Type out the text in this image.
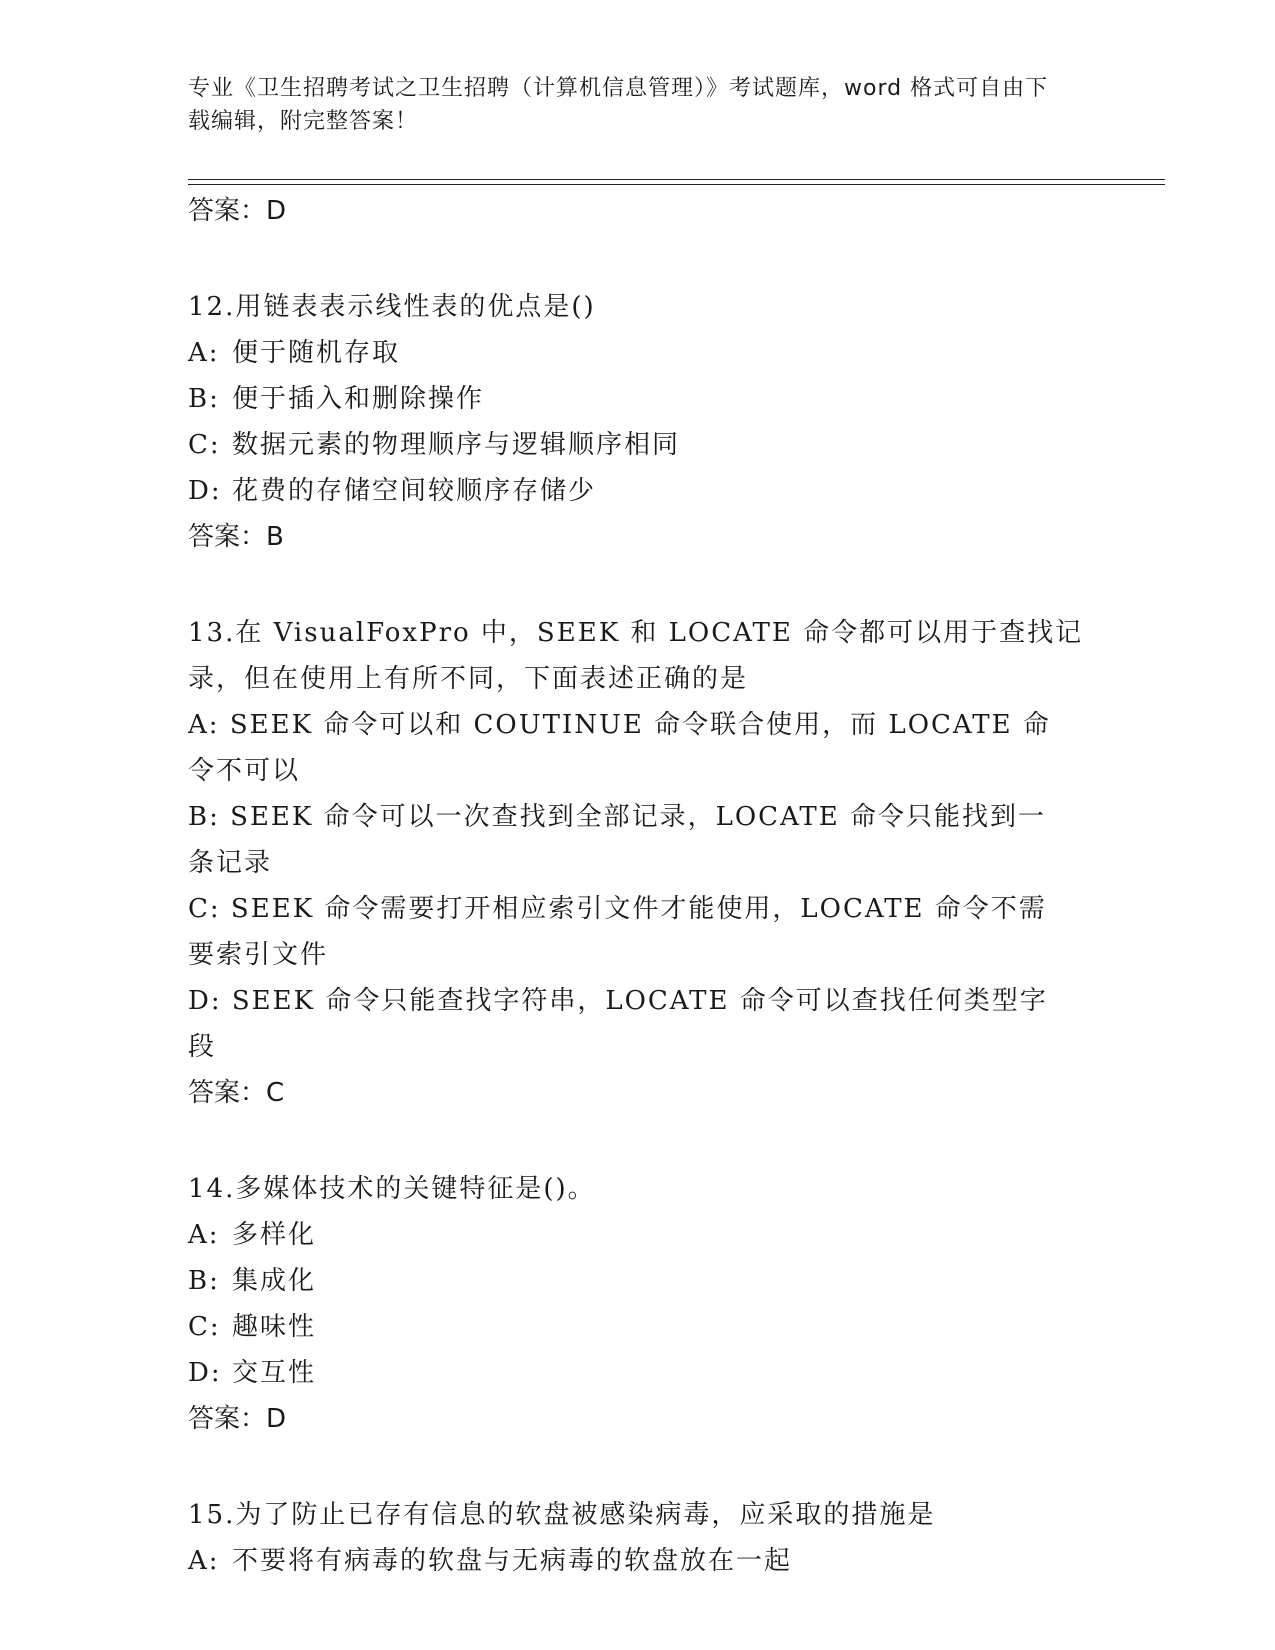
专业《卫生招聘考试之卫生招聘（计算机信息管理）》考试题库，word 格式可自由下载编辑，附完整答案！
答案：D
12.用链表表示线性表的优点是()
A: 便于随机存取
B: 便于插入和删除操作
C: 数据元素的物理顺序与逻辑顺序相同
D: 花费的存储空间较顺序存储少
答案：B
13.在 VisualFoxPro 中，SEEK 和 LOCATE 命令都可以用于查找记录，但在使用上有所不同，下面表述正确的是
A: SEEK 命令可以和 COUTINUE 命令联合使用，而 LOCATE 命令不可以
B: SEEK 命令可以一次查找到全部记录，LOCATE 命令只能找到一条记录
C: SEEK 命令需要打开相应索引文件才能使用，LOCATE 命令不需要索引文件
D: SEEK 命令只能查找字符串，LOCATE 命令可以查找任何类型字段
答案：C
14.多媒体技术的关键特征是()。
A: 多样化
B: 集成化
C: 趣味性
D: 交互性
答案：D
15.为了防止已存有信息的软盘被感染病毒，应采取的措施是
A: 不要将有病毒的软盘与无病毒的软盘放在一起
